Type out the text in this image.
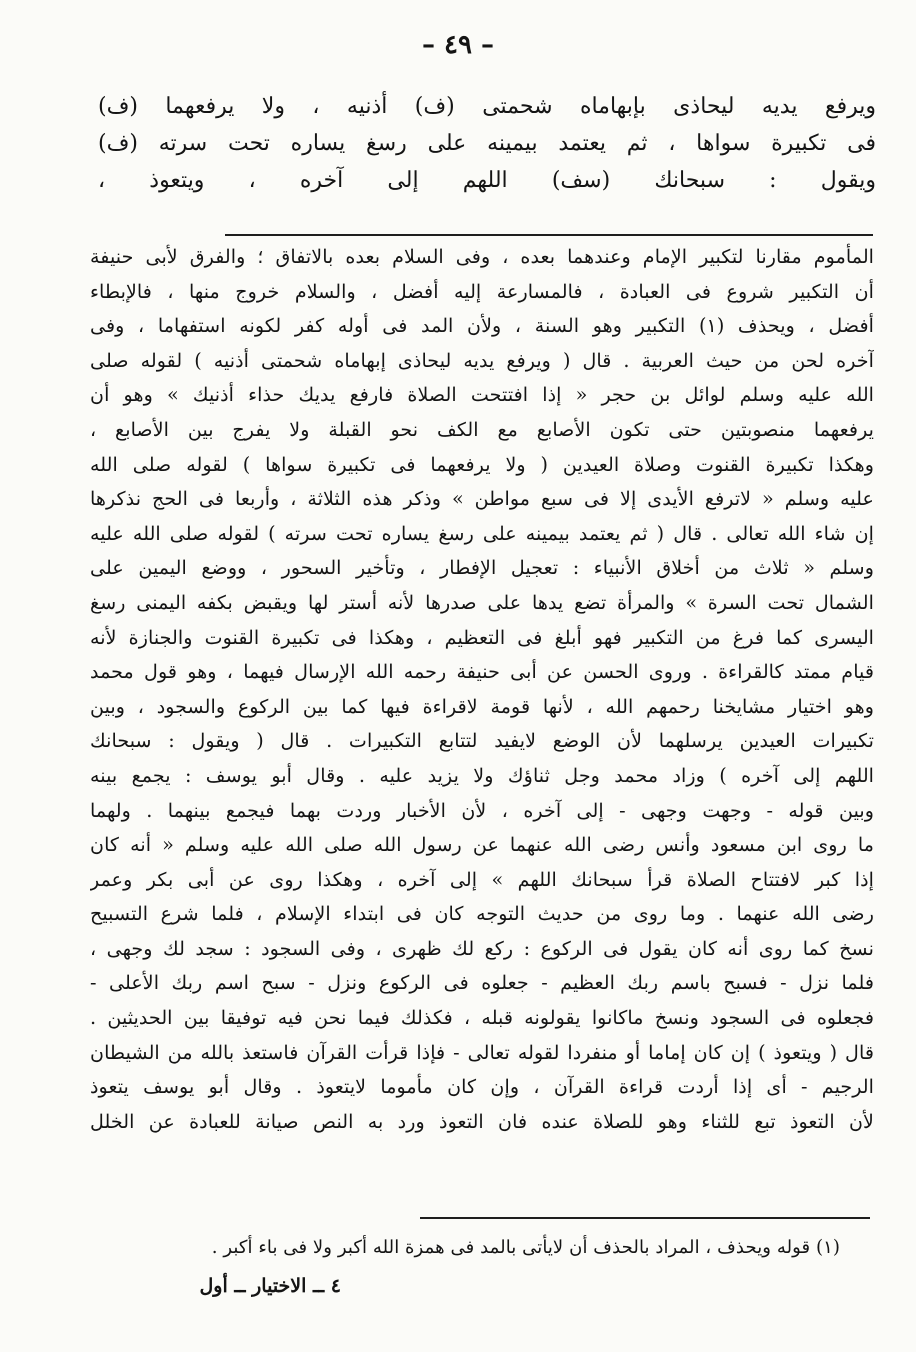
– ٤٩ –
ويرفع يديه ليحاذى بإبهاماه شحمتى (ف) أذنيه ، ولا يرفعهما (ف)
فى تكبيرة سواها ، ثم يعتمد بيمينه على رسغ يساره تحت سرته (ف)
ويقول : سبحانك (سف) اللهم إلى آخره ، ويتعوذ ،
المأموم مقارنا لتكبير الإمام وعندهما بعده ، وفى السلام بعده بالاتفاق ؛ والفرق لأبى حنيفة
أن التكبير شروع فى العبادة ، فالمسارعة إليه أفضل ، والسلام خروج منها ، فالإبطاء
أفضل ، ويحذف (١) التكبير وهو السنة ، ولأن المد فى أوله كفر لكونه استفهاما ، وفى
آخره لحن من حيث العربية . قال ( ويرفع يديه ليحاذى إبهاماه شحمتى أذنيه ) لقوله صلى
الله عليه وسلم لوائل بن حجر « إذا افتتحت الصلاة فارفع يديك حذاء أذنيك » وهو أن
يرفعهما منصوبتين حتى تكون الأصابع مع الكف نحو القبلة ولا يفرج بين الأصابع ،
وهكذا تكبيرة القنوت وصلاة العيدين ( ولا يرفعهما فى تكبيرة سواها ) لقوله صلى الله
عليه وسلم « لاترفع الأيدى إلا فى سبع مواطن » وذكر هذه الثلاثة ، وأربعا فى الحج نذكرها
إن شاء الله تعالى . قال ( ثم يعتمد بيمينه على رسغ يساره تحت سرته ) لقوله صلى الله عليه
وسلم « ثلاث من أخلاق الأنبياء : تعجيل الإفطار ، وتأخير السحور ، ووضع اليمين على
الشمال تحت السرة » والمرأة تضع يدها على صدرها لأنه أستر لها ويقبض بكفه اليمنى رسغ
اليسرى كما فرغ من التكبير فهو أبلغ فى التعظيم ، وهكذا فى تكبيرة القنوت والجنازة لأنه
قيام ممتد كالقراءة . وروى الحسن عن أبى حنيفة رحمه الله الإرسال فيهما ، وهو قول محمد
وهو اختيار مشايخنا رحمهم الله ، لأنها قومة لاقراءة فيها كما بين الركوع والسجود ، وبين
تكبيرات العيدين يرسلهما لأن الوضع لايفيد لتتابع التكبيرات . قال ( ويقول : سبحانك
اللهم إلى آخره ) وزاد محمد وجل ثناؤك ولا يزيد عليه . وقال أبو يوسف : يجمع بينه
وبين قوله - وجهت وجهى - إلى آخره ، لأن الأخبار وردت بهما فيجمع بينهما . ولهما
ما روى ابن مسعود وأنس رضى الله عنهما عن رسول الله صلى الله عليه وسلم « أنه كان
إذا كبر لافتتاح الصلاة قرأ سبحانك اللهم » إلى آخره ، وهكذا روى عن أبى بكر وعمر
رضى الله عنهما . وما روى من حديث التوجه كان فى ابتداء الإسلام ، فلما شرع التسبيح
نسخ كما روى أنه كان يقول فى الركوع : ركع لك ظهرى ، وفى السجود : سجد لك وجهى ،
فلما نزل - فسبح باسم ربك العظيم - جعلوه فى الركوع ونزل - سبح اسم ربك الأعلى -
فجعلوه فى السجود ونسخ ماكانوا يقولونه قبله ، فكذلك فيما نحن فيه توفيقا بين الحديثين .
قال ( ويتعوذ ) إن كان إماما أو منفردا لقوله تعالى - فإذا قرأت القرآن فاستعذ بالله من الشيطان
الرجيم - أى إذا أردت قراءة القرآن ، وإن كان مأموما لايتعوذ . وقال أبو يوسف يتعوذ
لأن التعوذ تبع للثناء وهو للصلاة عنده فان التعوذ ورد به النص صيانة للعبادة عن الخلل
(١) قوله ويحذف ، المراد بالحذف أن لايأتى بالمد فى همزة الله أكبر ولا فى باء أكبر .
٤ ــ الاختيار ــ أول
